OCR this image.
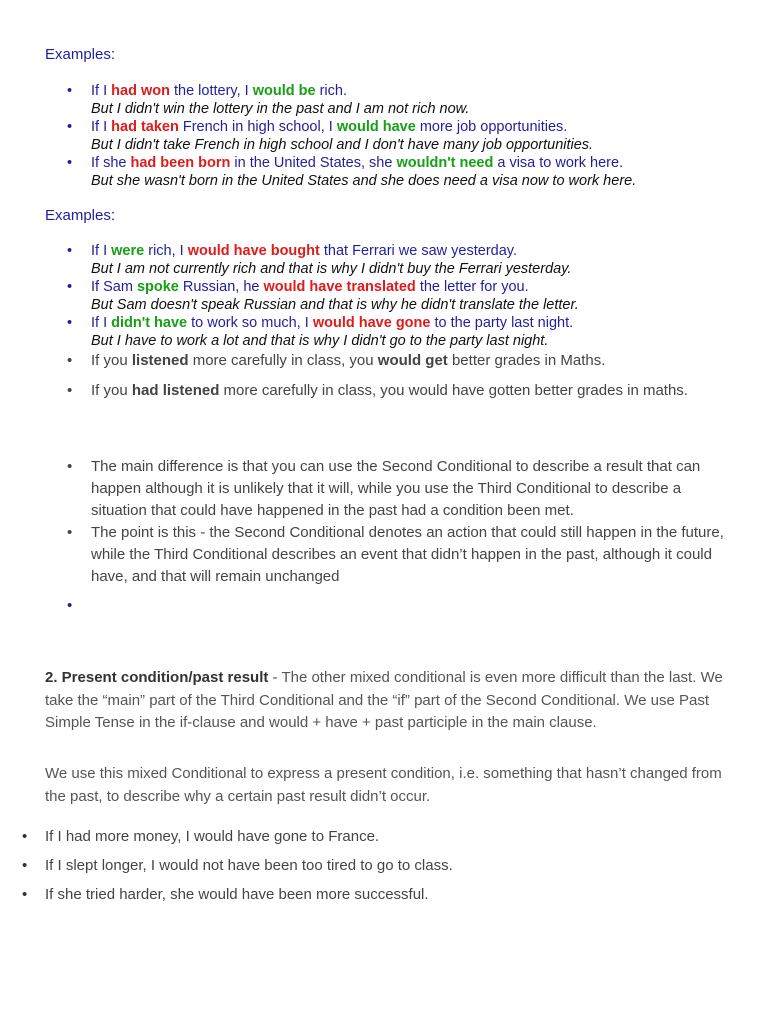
Examples:
• If I had won the lottery, I would be rich.
But I didn't win the lottery in the past and I am not rich now.
• If I had taken French in high school, I would have more job opportunities.
But I didn't take French in high school and I don't have many job opportunities.
• If she had been born in the United States, she wouldn't need a visa to work here.
But she wasn't born in the United States and she does need a visa now to work here.
Examples:
• If I were rich, I would have bought that Ferrari we saw yesterday.
But I am not currently rich and that is why I didn't buy the Ferrari yesterday.
• If Sam spoke Russian, he would have translated the letter for you.
But Sam doesn't speak Russian and that is why he didn't translate the letter.
• If I didn't have to work so much, I would have gone to the party last night.
But I have to work a lot and that is why I didn't go to the party last night.
• If you listened more carefully in class, you would get better grades in Maths.
• If you had listened more carefully in class, you would have gotten better grades in maths.
• The main difference is that you can use the Second Conditional to describe a result that can happen although it is unlikely that it will, while you use the Third Conditional to describe a situation that could have happened in the past had a condition been met.
• The point is this - the Second Conditional denotes an action that could still happen in the future, while the Third Conditional describes an event that didn’t happen in the past, although it could have, and that will remain unchanged
•
2. Present condition/past result - The other mixed conditional is even more difficult than the last. We take the “main” part of the Third Conditional and the “if” part of the Second Conditional. We use Past Simple Tense in the if-clause and would + have + past participle in the main clause.
We use this mixed Conditional to express a present condition, i.e. something that hasn’t changed from the past, to describe why a certain past result didn’t occur.
• If I had more money, I would have gone to France.
• If I slept longer, I would not have been too tired to go to class.
• If she tried harder, she would have been more successful.
